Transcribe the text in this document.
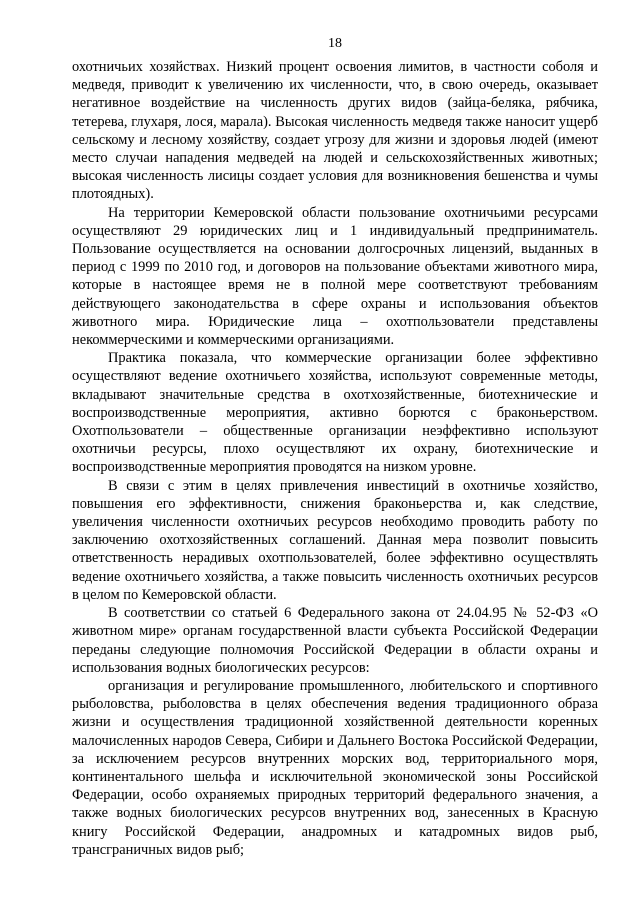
18

охотничьих хозяйствах. Низкий процент освоения лимитов, в частности соболя и медведя, приводит к увеличению их численности, что, в свою очередь, оказывает негативное воздействие на численность других видов (зайца-беляка, рябчика, тетерева, глухаря, лося, марала). Высокая численность медведя также наносит ущерб сельскому и лесному хозяйству, создает угрозу для жизни и здоровья людей (имеют место случаи нападения медведей на людей и сельскохозяйственных животных; высокая численность лисицы создает условия для возникновения бешенства и чумы плотоядных).

На территории Кемеровской области пользование охотничьими ресурсами осуществляют 29 юридических лиц и 1 индивидуальный предприниматель. Пользование осуществляется на основании долгосрочных лицензий, выданных в период с 1999 по 2010 год, и договоров на пользование объектами животного мира, которые в настоящее время не в полной мере соответствуют требованиям действующего законодательства в сфере охраны и использования объектов животного мира. Юридические лица – охотпользователи представлены некоммерческими и коммерческими организациями.

Практика показала, что коммерческие организации более эффективно осуществляют ведение охотничьего хозяйства, используют современные методы, вкладывают значительные средства в охотхозяйственные, биотехнические и воспроизводственные мероприятия, активно борются с браконьерством. Охотпользователи – общественные организации неэффективно используют охотничьи ресурсы, плохо осуществляют их охрану, биотехнические и воспроизводственные мероприятия проводятся на низком уровне.

В связи с этим в целях привлечения инвестиций в охотничье хозяйство, повышения его эффективности, снижения браконьерства и, как следствие, увеличения численности охотничьих ресурсов необходимо проводить работу по заключению охотхозяйственных соглашений. Данная мера позволит повысить ответственность нерадивых охотпользователей, более эффективно осуществлять ведение охотничьего хозяйства, а также повысить численность охотничьих ресурсов в целом по Кемеровской области.

В соответствии со статьей 6 Федерального закона от 24.04.95 № 52-ФЗ «О животном мире» органам государственной власти субъекта Российской Федерации переданы следующие полномочия Российской Федерации в области охраны и использования водных биологических ресурсов:

организация и регулирование промышленного, любительского и спортивного рыболовства, рыболовства в целях обеспечения ведения традиционного образа жизни и осуществления традиционной хозяйственной деятельности коренных малочисленных народов Севера, Сибири и Дальнего Востока Российской Федерации, за исключением ресурсов внутренних морских вод, территориального моря, континентального шельфа и исключительной экономической зоны Российской Федерации, особо охраняемых природных территорий федерального значения, а также водных биологических ресурсов внутренних вод, занесенных в Красную книгу Российской Федерации, анадромных и катадромных видов рыб, трансграничных видов рыб;
